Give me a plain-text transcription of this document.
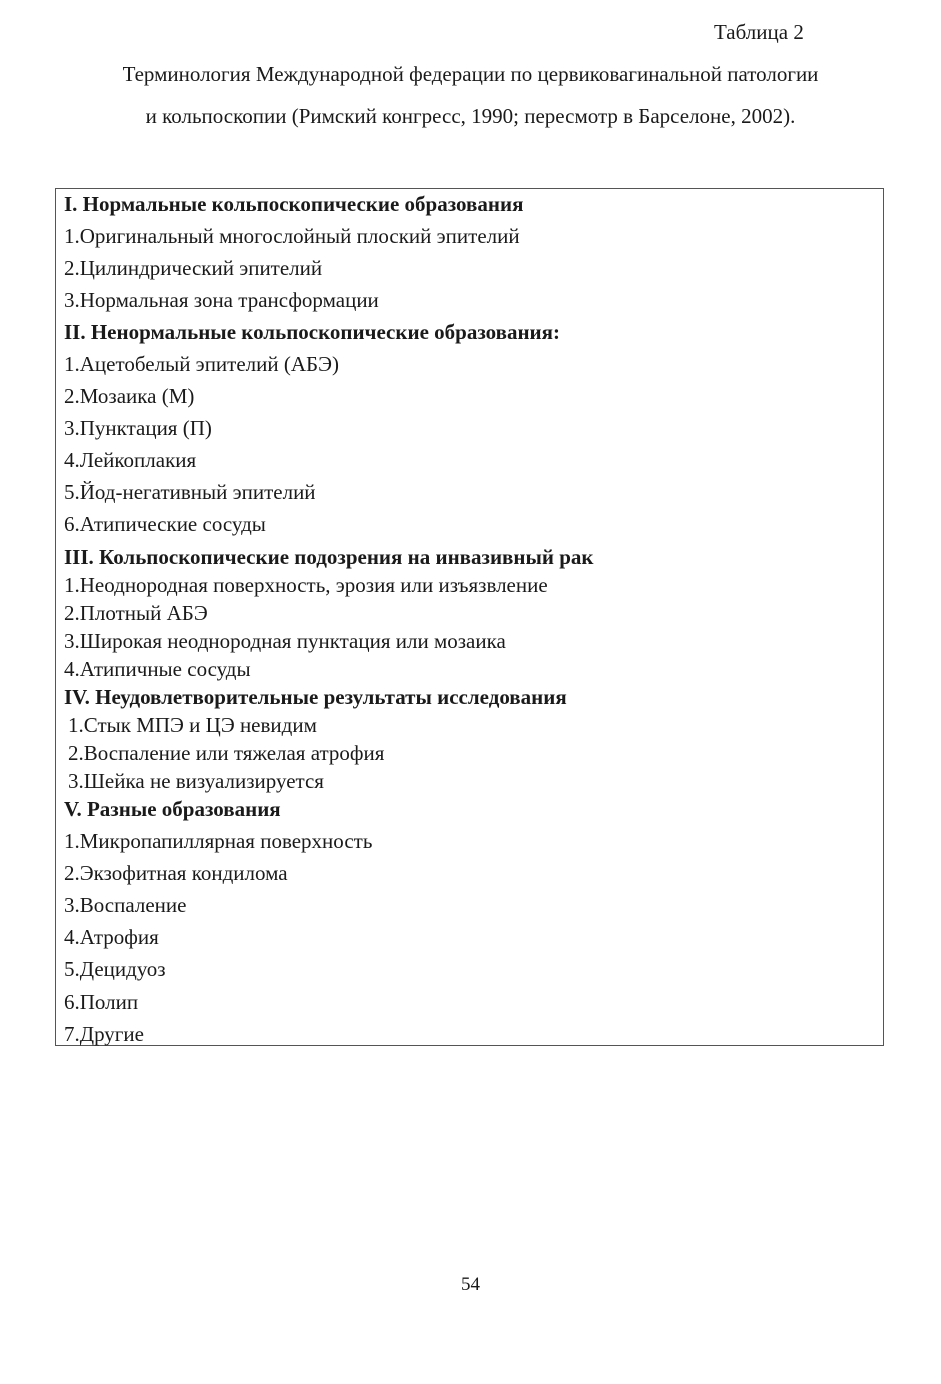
Таблица 2
Терминология Международной федерации по цервиковагинальной патологии
и кольпоскопии (Римский конгресс, 1990; пересмотр в Барселоне, 2002).
I. Нормальные кольпоскопические образования
1.Оригинальный многослойный плоский эпителий
2.Цилиндрический эпителий
3.Нормальная зона трансформации
II. Ненормальные кольпоскопические образования:
1.Ацетобелый эпителий (АБЭ)
2.Мозаика (М)
3.Пунктация (П)
4.Лейкоплакия
5.Йод-негативный эпителий
6.Атипические сосуды
III. Кольпоскопические подозрения на инвазивный рак
1.Неоднородная поверхность, эрозия или изъязвление
2.Плотный АБЭ
3.Широкая неоднородная пунктация или мозаика
4.Атипичные сосуды
IV. Неудовлетворительные результаты исследования
1.Стык МПЭ и ЦЭ невидим
2.Воспаление или тяжелая атрофия
3.Шейка не визуализируется
V. Разные образования
1.Микропапиллярная поверхность
2.Экзофитная кондилома
3.Воспаление
4.Атрофия
5.Децидуоз
6.Полип
7.Другие
54
